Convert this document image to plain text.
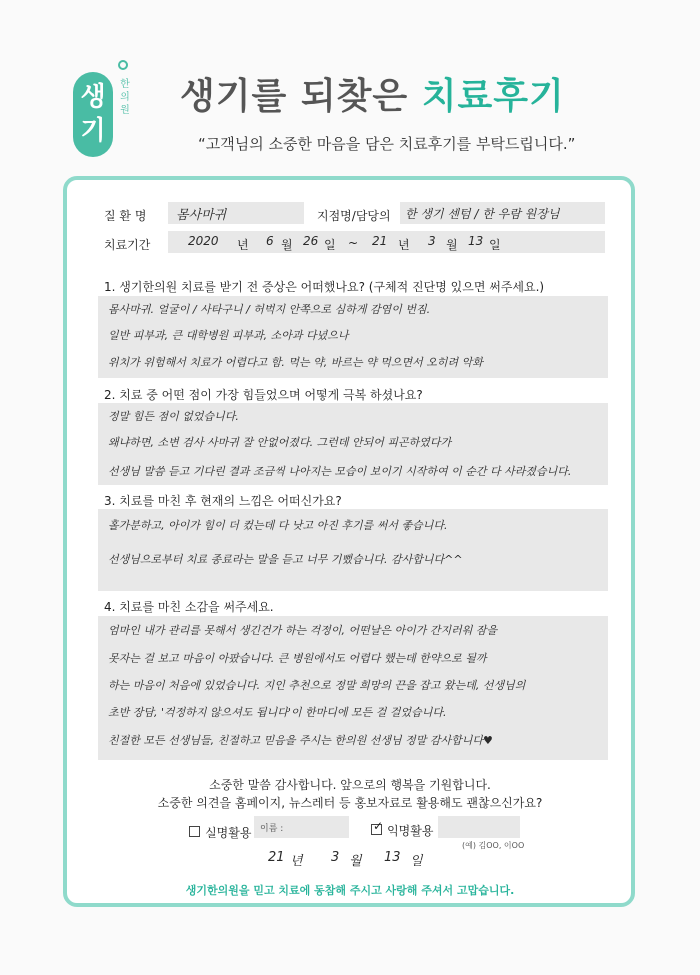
생
기
한의원 생기를 되찾은 치료후기
“고객님의 소중한 마음을 담은 치료후기를 부탁드립니다.”
질 환 명 몸사마귀	지점명/담당의 한 생기 센텀 / 한 우람 원장님
치료기간	2020 년 6 월 26 일 ~ 21 년 3 월 13 일
1. 생기한의원 치료를 받기 전 증상은 어떠했나요? (구체적 진단명 있으면 써주세요.)
몸사마귀. 얼굴이 / 사타구니 / 허벅지 안쪽으로 심하게 감염이 번짐.
일반 피부과, 큰 대학병원 피부과, 소아과 다녔으나
위치가 위험해서 치료가 어렵다고 함. 먹는 약, 바르는 약 먹으면서 오히려 악화
2. 치료 중 어떤 점이 가장 힘들었으며 어떻게 극복 하셨나요?
정말 힘든 점이 없었습니다.
왜냐하면, 소변 검사 사마귀 잘 안없어졌다. 그런데 안되어 피곤하였다가
선생님 말씀 듣고 기다린 결과 조금씩 나아지는 모습이 보이기 시작하여 이 순간 다 사라졌습니다.
3. 치료를 마친 후 현재의 느낌은 어떠신가요?
홀가분하고, 아이가 힘이 더 컸는데 다 낫고 아진 후기를 써서 좋습니다.
선생님으로부터 치료 종료라는 말을 듣고 너무 기뻤습니다. 감사합니다^^
4. 치료를 마친 소감을 써주세요.
엄마인 내가 관리를 못해서 생긴건가 하는 걱정이, 어떤날은 아이가 간지러워 잠을
못자는 걸 보고 마음이 아팠습니다. 큰 병원에서도 어렵다 했는데 한약으로 될까
하는 마음이 처음에 있었습니다. 지인 추천으로 정말 희망의 끈을 잡고 왔는데, 선생님의
초반 장담, '걱정하지 않으셔도 됩니다'이 한마디에 모든 걸 걸었습니다.
친절한 모든 선생님들, 친절하고 믿음을 주시는 한의원 선생님 정말 감사합니다♥
소중한 말씀 감사합니다. 앞으로의 행복을 기원합니다.
소중한 의견을 홈페이지, 뉴스레터 등 홍보자료로 활용해도 괜찮으신가요?
실명활용 이름 :	✓ 익명활용
(예) 김OO, 이OO
21 년 3 월 13 일
생기한의원을 믿고 치료에 동참해 주시고 사랑해 주셔서 고맙습니다.
